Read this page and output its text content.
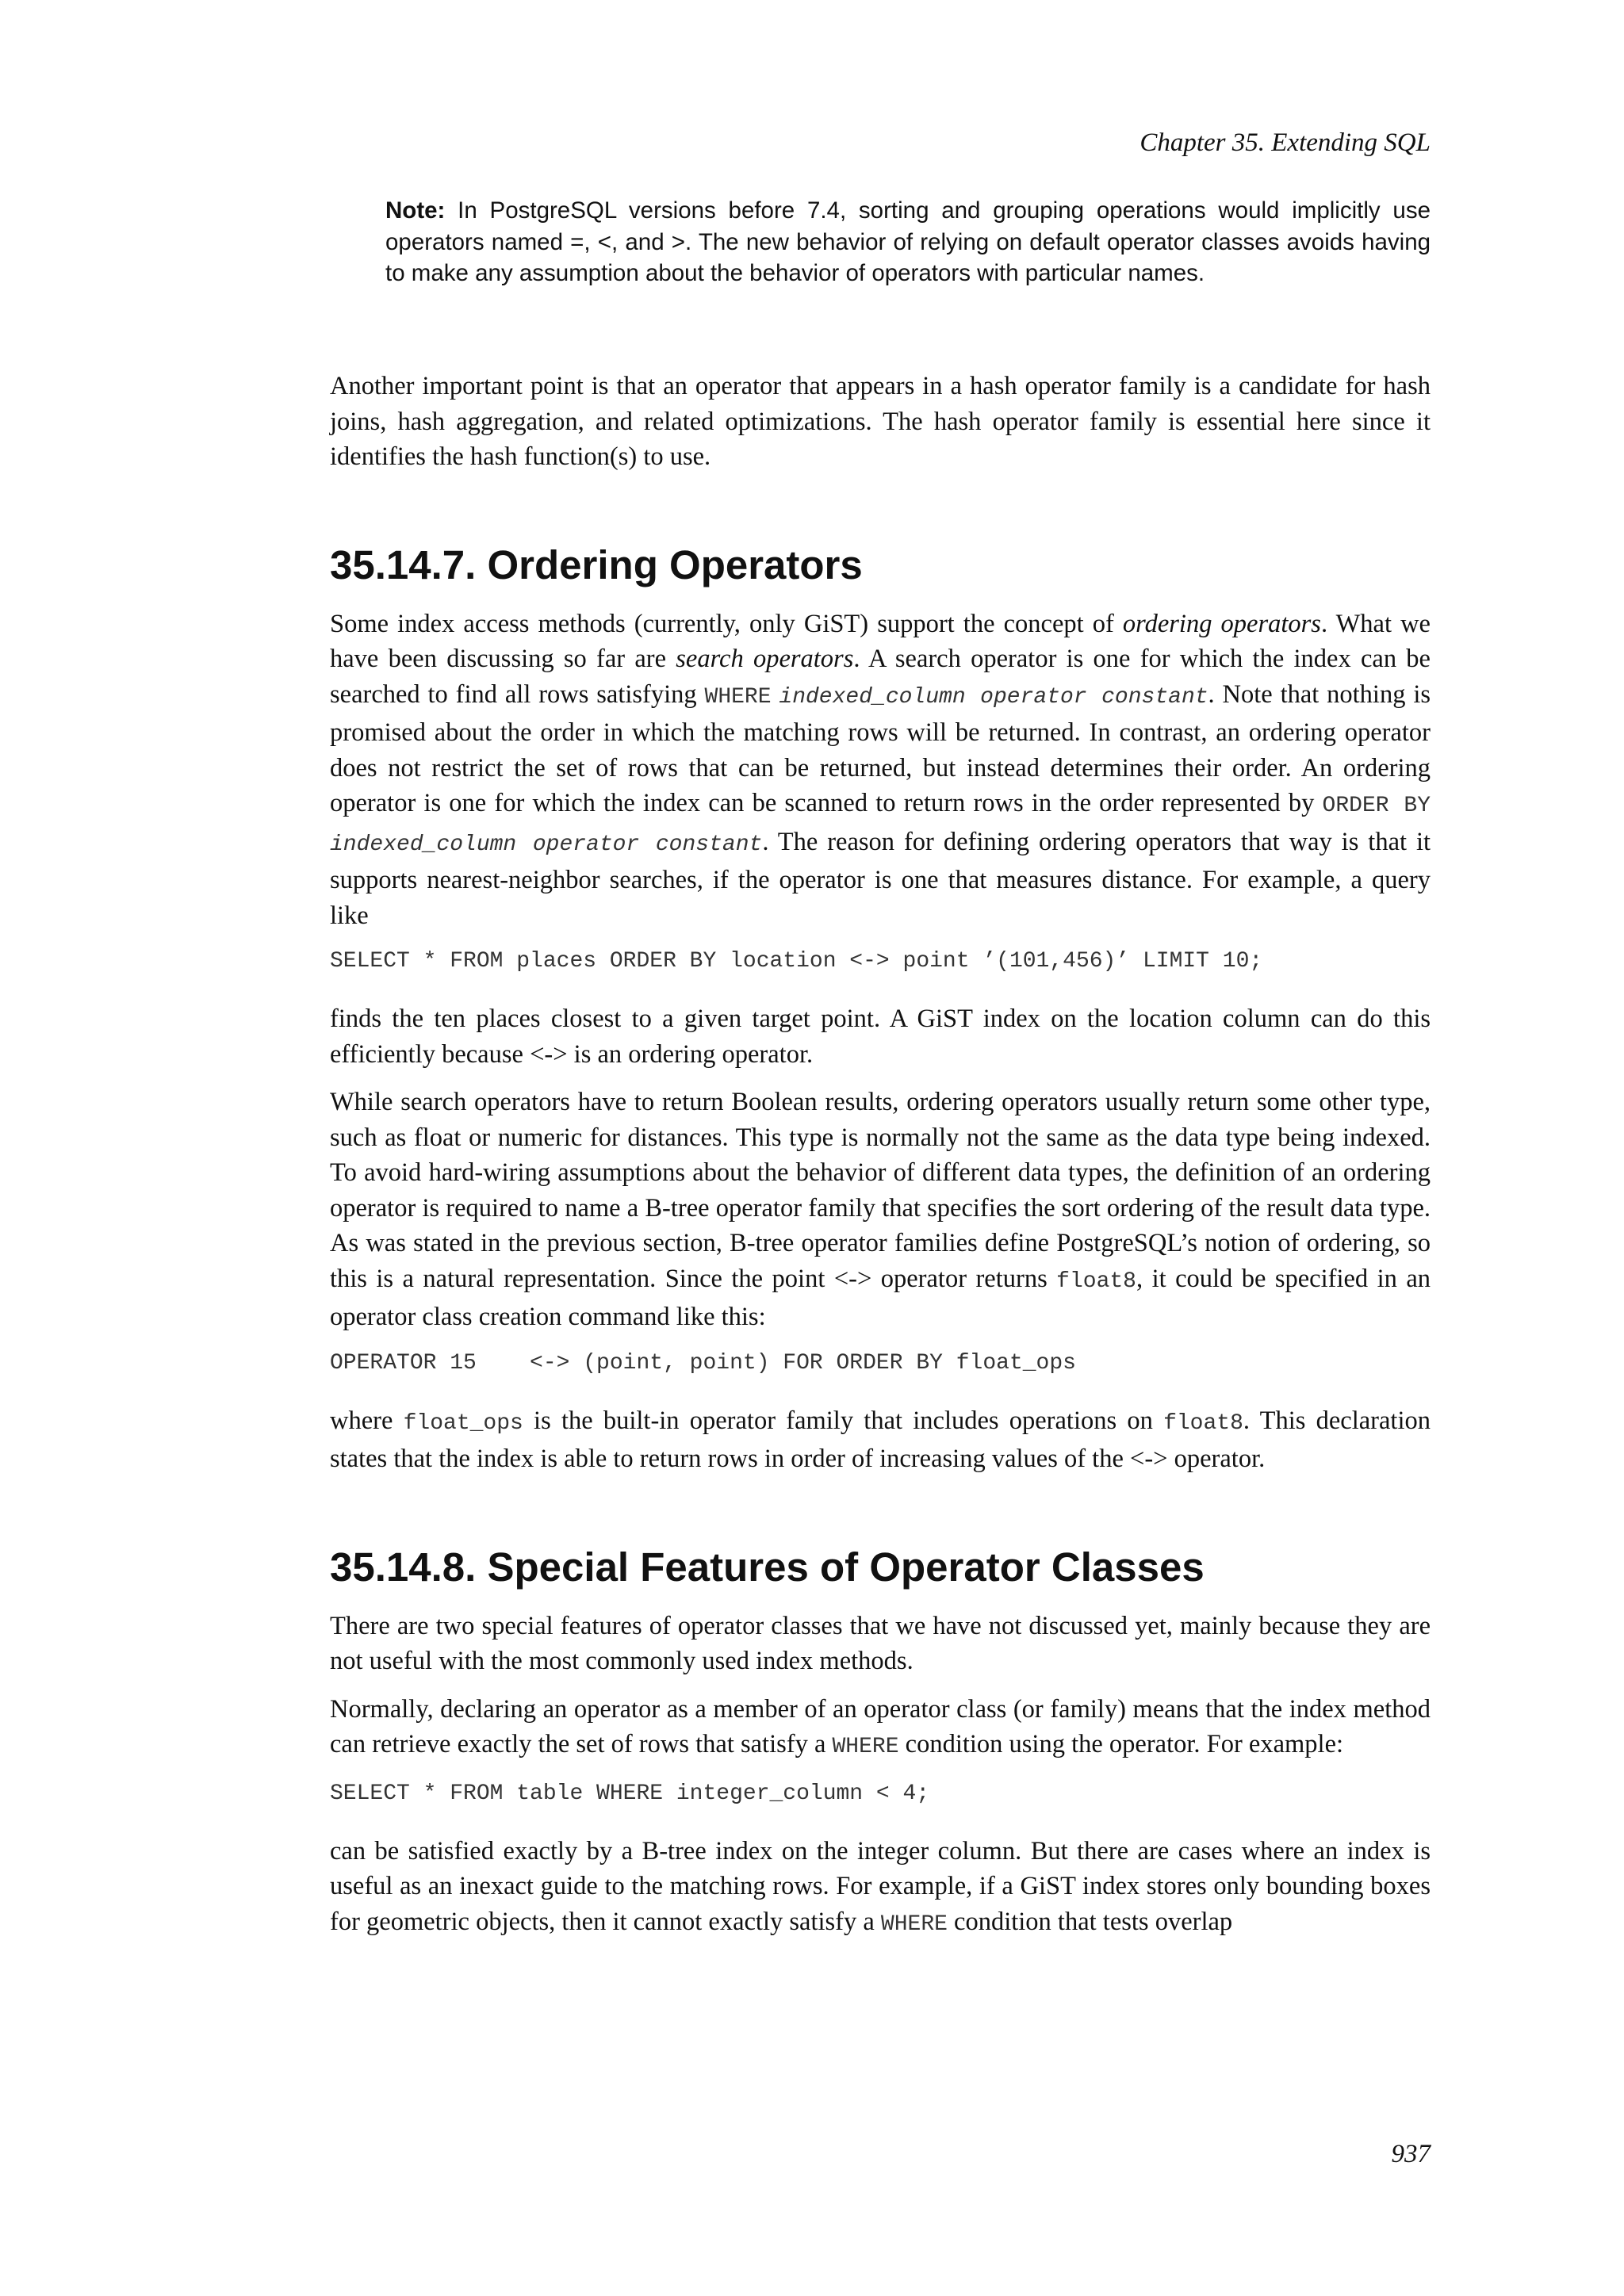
Chapter 35. Extending SQL
Note: In PostgreSQL versions before 7.4, sorting and grouping operations would implicitly use operators named =, <, and >. The new behavior of relying on default operator classes avoids having to make any assumption about the behavior of operators with particular names.

Another important point is that an operator that appears in a hash operator family is a candidate for hash joins, hash aggregation, and related optimizations. The hash operator family is essential here since it identifies the hash function(s) to use.

35.14.7. Ordering Operators

Some index access methods (currently, only GiST) support the concept of ordering operators. What we have been discussing so far are search operators. A search operator is one for which the index can be searched to find all rows satisfying WHERE indexed_column operator constant. Note that nothing is promised about the order in which the matching rows will be returned. In contrast, an ordering operator does not restrict the set of rows that can be returned, but instead determines their order. An ordering operator is one for which the index can be scanned to return rows in the order represented by ORDER BY indexed_column operator constant. The reason for defining ordering operators that way is that it supports nearest-neighbor searches, if the operator is one that measures distance. For example, a query like

SELECT * FROM places ORDER BY location <-> point ’(101,456)’ LIMIT 10;

finds the ten places closest to a given target point. A GiST index on the location column can do this efficiently because <-> is an ordering operator.

While search operators have to return Boolean results, ordering operators usually return some other type, such as float or numeric for distances. This type is normally not the same as the data type being indexed. To avoid hard-wiring assumptions about the behavior of different data types, the definition of an ordering operator is required to name a B-tree operator family that specifies the sort ordering of the result data type. As was stated in the previous section, B-tree operator families define PostgreSQL’s notion of ordering, so this is a natural representation. Since the point <-> operator returns float8, it could be specified in an operator class creation command like this:

OPERATOR 15    <-> (point, point) FOR ORDER BY float_ops

where float_ops is the built-in operator family that includes operations on float8. This declaration states that the index is able to return rows in order of increasing values of the <-> operator.

35.14.8. Special Features of Operator Classes

There are two special features of operator classes that we have not discussed yet, mainly because they are not useful with the most commonly used index methods.

Normally, declaring an operator as a member of an operator class (or family) means that the index method can retrieve exactly the set of rows that satisfy a WHERE condition using the operator. For example:

SELECT * FROM table WHERE integer_column < 4;

can be satisfied exactly by a B-tree index on the integer column. But there are cases where an index is useful as an inexact guide to the matching rows. For example, if a GiST index stores only bounding boxes for geometric objects, then it cannot exactly satisfy a WHERE condition that tests overlap

937
